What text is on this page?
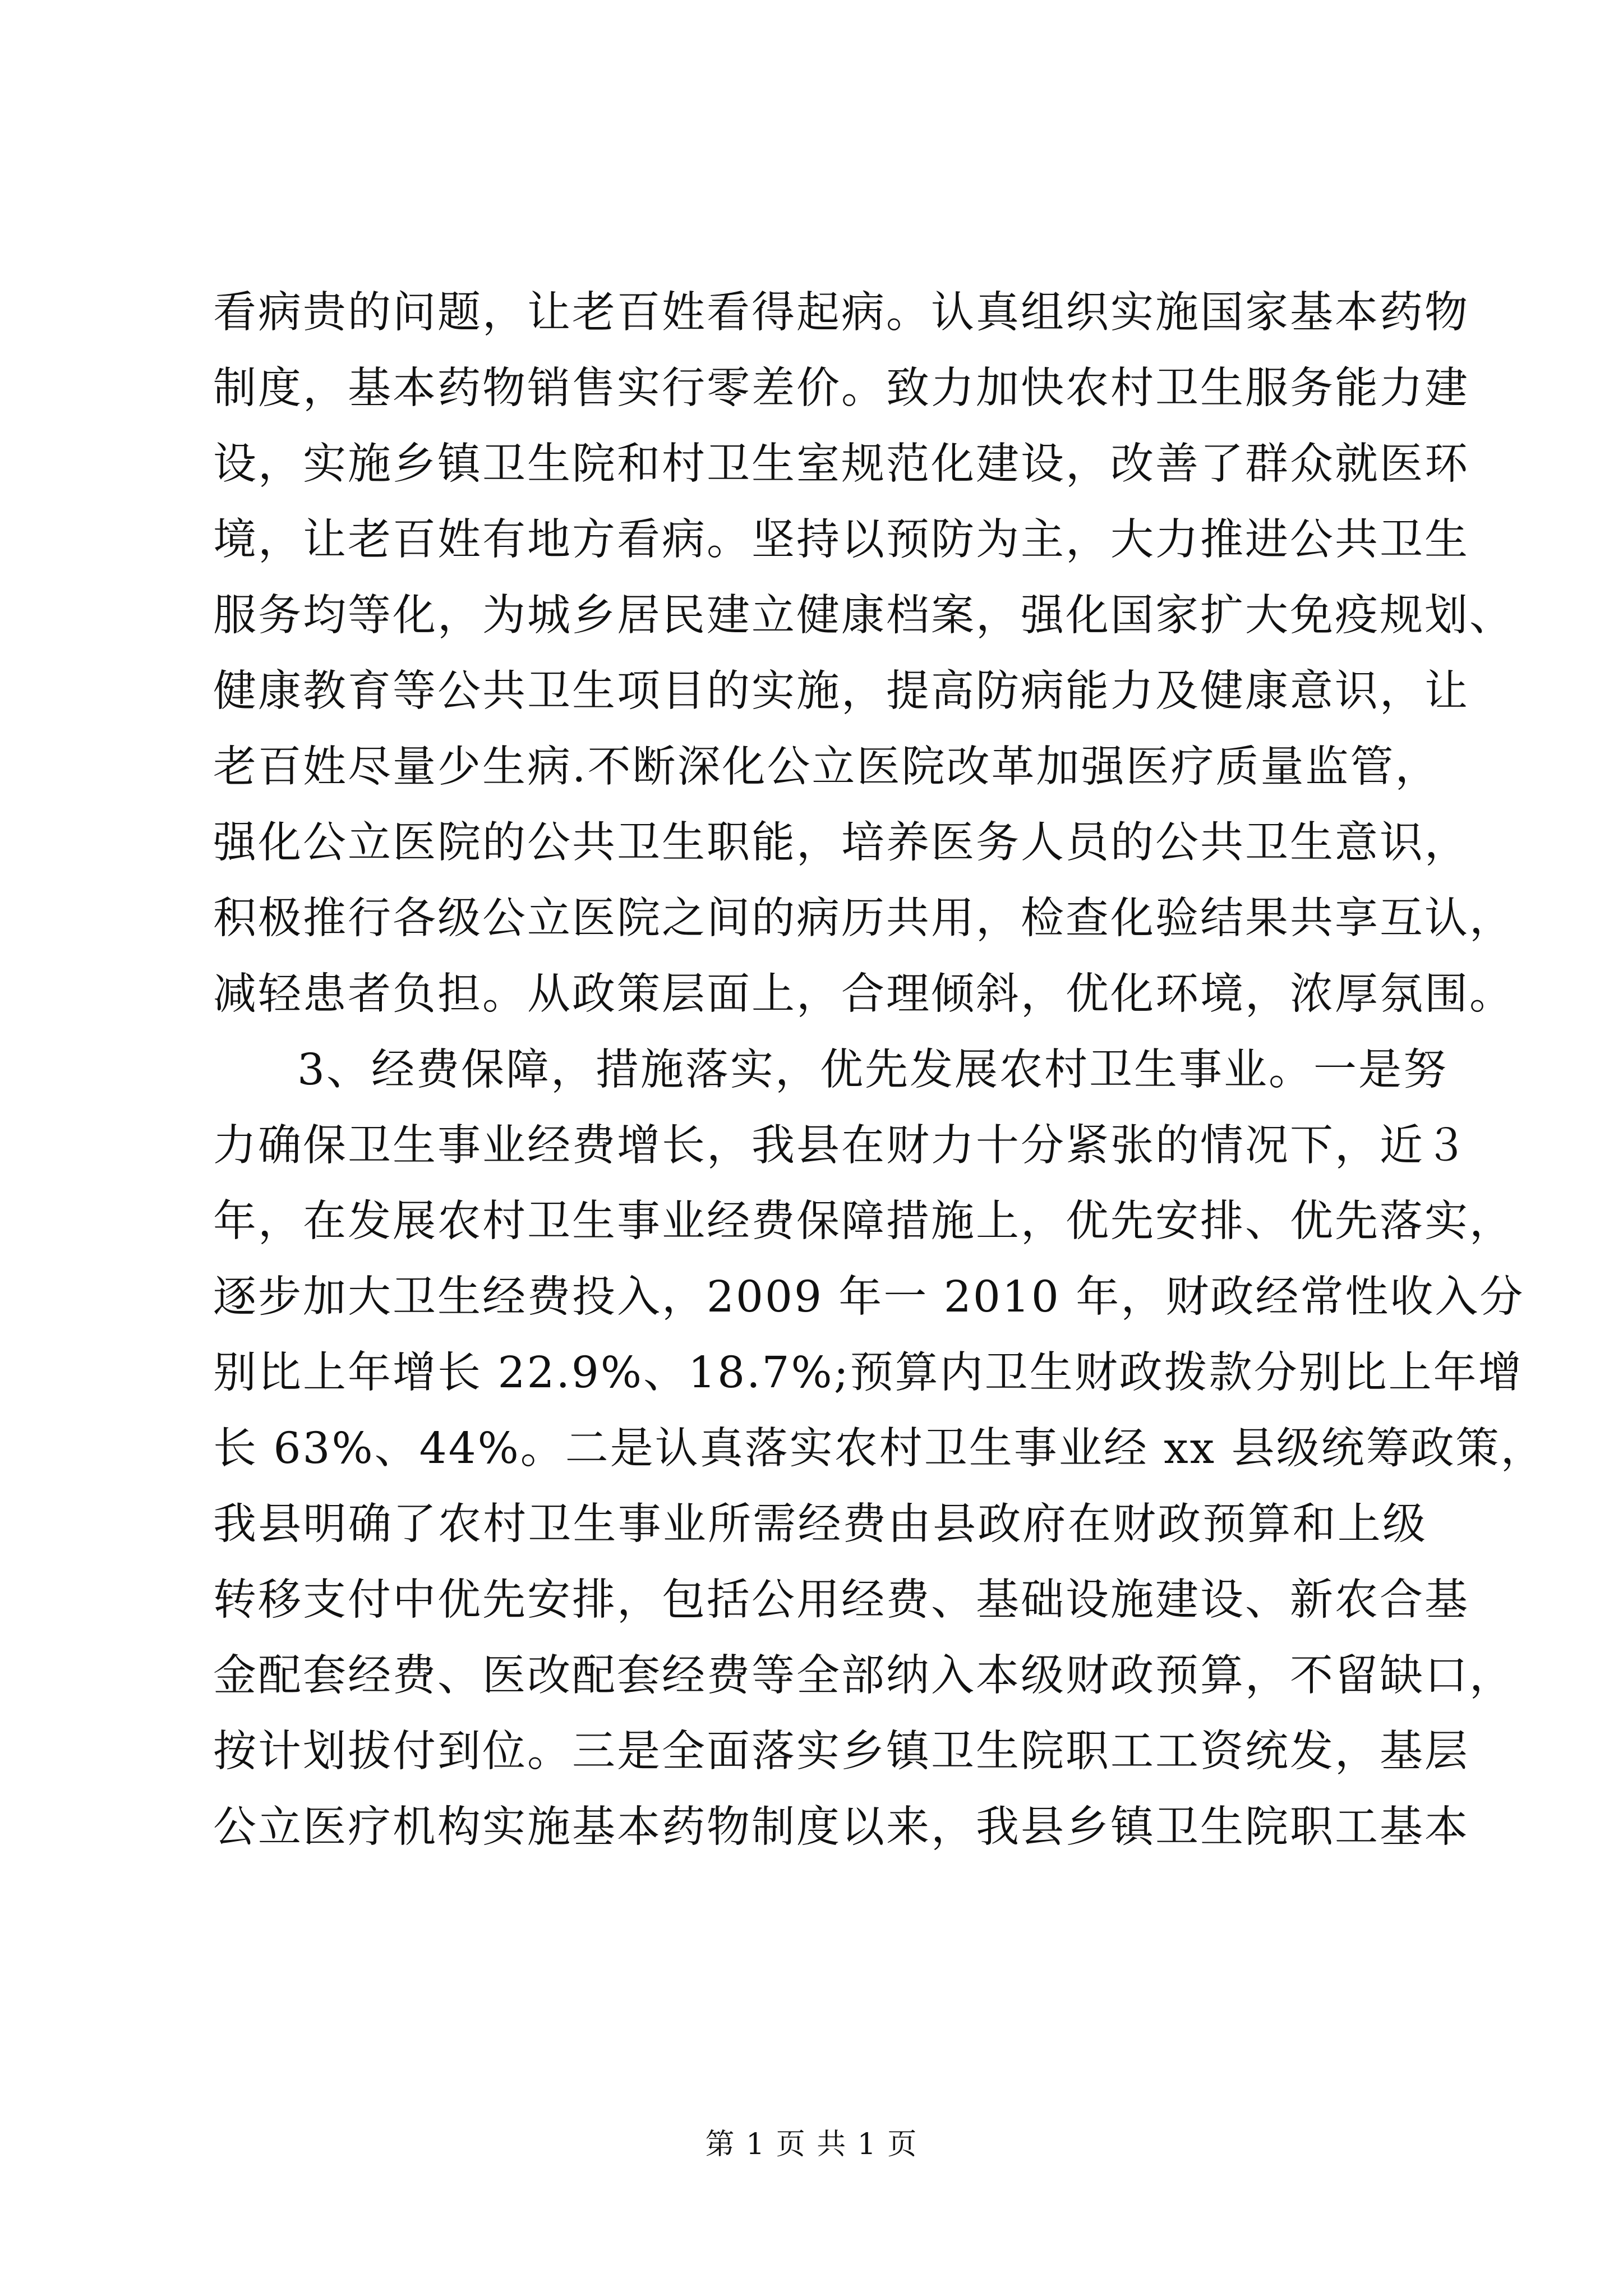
看病贵的问题，让老百姓看得起病。认真组织实施国家基本药物
制度，基本药物销售实行零差价。致力加快农村卫生服务能力建
设，实施乡镇卫生院和村卫生室规范化建设，改善了群众就医环
境，让老百姓有地方看病。坚持以预防为主，大力推进公共卫生
服务均等化，为城乡居民建立健康档案，强化国家扩大免疫规划、
健康教育等公共卫生项目的实施，提高防病能力及健康意识，让
老百姓尽量少生病.不断深化公立医院改革加强医疗质量监管，
强化公立医院的公共卫生职能，培养医务人员的公共卫生意识，
积极推行各级公立医院之间的病历共用，检查化验结果共享互认，
减轻患者负担。从政策层面上，合理倾斜，优化环境，浓厚氛围。
3、经费保障，措施落实，优先发展农村卫生事业。一是努
力确保卫生事业经费增长，我县在财力十分紧张的情况下，近３
年，在发展农村卫生事业经费保障措施上，优先安排、优先落实，
逐步加大卫生经费投入，2009 年一 2010 年，财政经常性收入分
别比上年增长 22.9%、18.7%;预算内卫生财政拨款分别比上年增
长 63%、44%。二是认真落实农村卫生事业经 xx 县级统筹政策，
我县明确了农村卫生事业所需经费由县政府在财政预算和上级
转移支付中优先安排，包括公用经费、基础设施建设、新农合基
金配套经费、医改配套经费等全部纳入本级财政预算，不留缺口，
按计划拔付到位。三是全面落实乡镇卫生院职工工资统发，基层
公立医疗机构实施基本药物制度以来，我县乡镇卫生院职工基本
第 1 页 共 1 页
